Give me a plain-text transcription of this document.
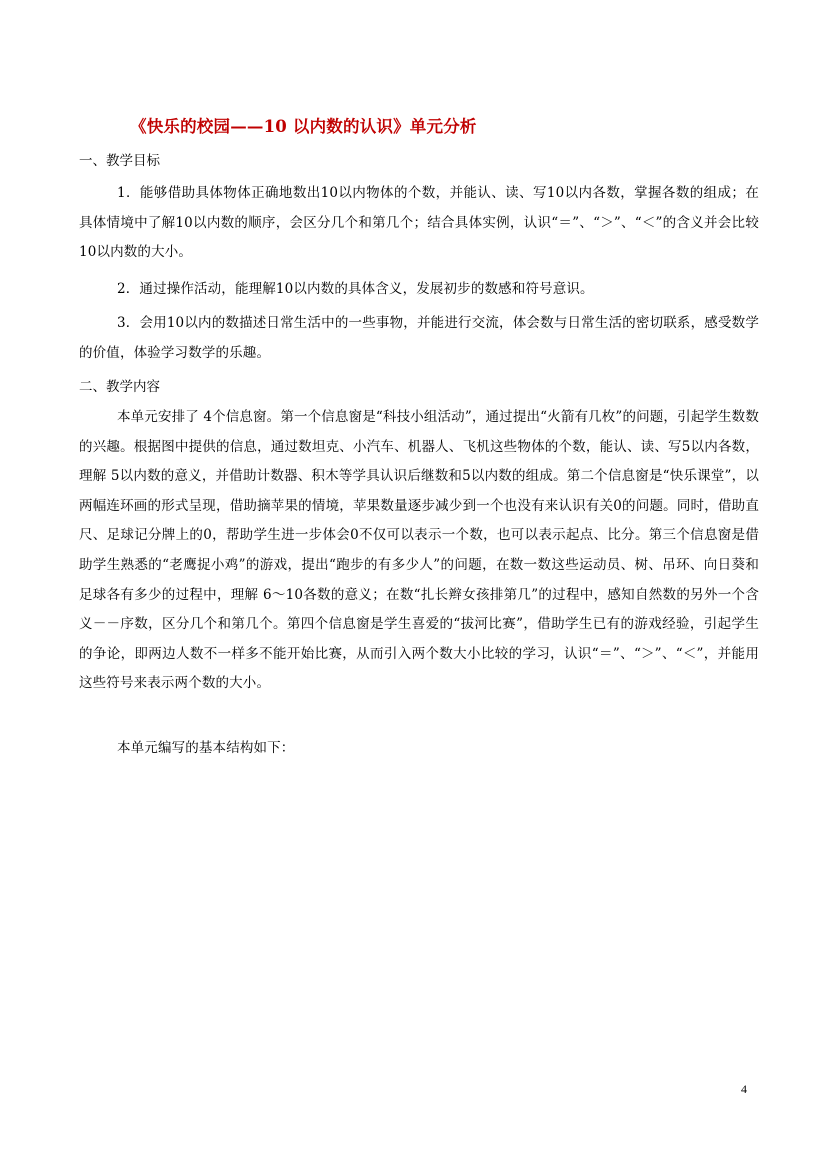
《快乐的校园——10 以内数的认识》单元分析
一、教学目标
1．能够借助具体物体正确地数出10以内物体的个数，并能认、读、写10以内各数，掌握各数的组成；在具体情境中了解10以内数的顺序，会区分几个和第几个；结合具体实例，认识“＝”、“＞”、“＜”的含义并会比较10以内数的大小。
2．通过操作活动，能理解10以内数的具体含义，发展初步的数感和符号意识。
3．会用10以内的数描述日常生活中的一些事物，并能进行交流，体会数与日常生活的密切联系，感受数学的价值，体验学习数学的乐趣。
二、教学内容
本单元安排了 4个信息窗。第一个信息窗是“科技小组活动”，通过提出“火箭有几枚”的问题，引起学生数数的兴趣。根据图中提供的信息，通过数坦克、小汽车、机器人、飞机这些物体的个数，能认、读、写5以内各数，理解 5以内数的意义，并借助计数器、积木等学具认识后继数和5以内数的组成。第二个信息窗是“快乐课堂”，以两幅连环画的形式呈现，借助摘苹果的情境，苹果数量逐步减少到一个也没有来认识有关0的问题。同时，借助直尺、足球记分牌上的0，帮助学生进一步体会0不仅可以表示一个数，也可以表示起点、比分。第三个信息窗是借助学生熟悉的“老鹰捉小鸡”的游戏，提出“跑步的有多少人”的问题，在数一数这些运动员、树、吊环、向日葵和足球各有多少的过程中，理解 6～10各数的意义；在数“扎长辫女孩排第几”的过程中，感知自然数的另外一个含义－－序数，区分几个和第几个。第四个信息窗是学生喜爱的“拔河比赛”，借助学生已有的游戏经验，引起学生的争论，即两边人数不一样多不能开始比赛，从而引入两个数大小比较的学习，认识“＝”、“＞”、“＜”，并能用这些符号来表示两个数的大小。
本单元编写的基本结构如下：
4
